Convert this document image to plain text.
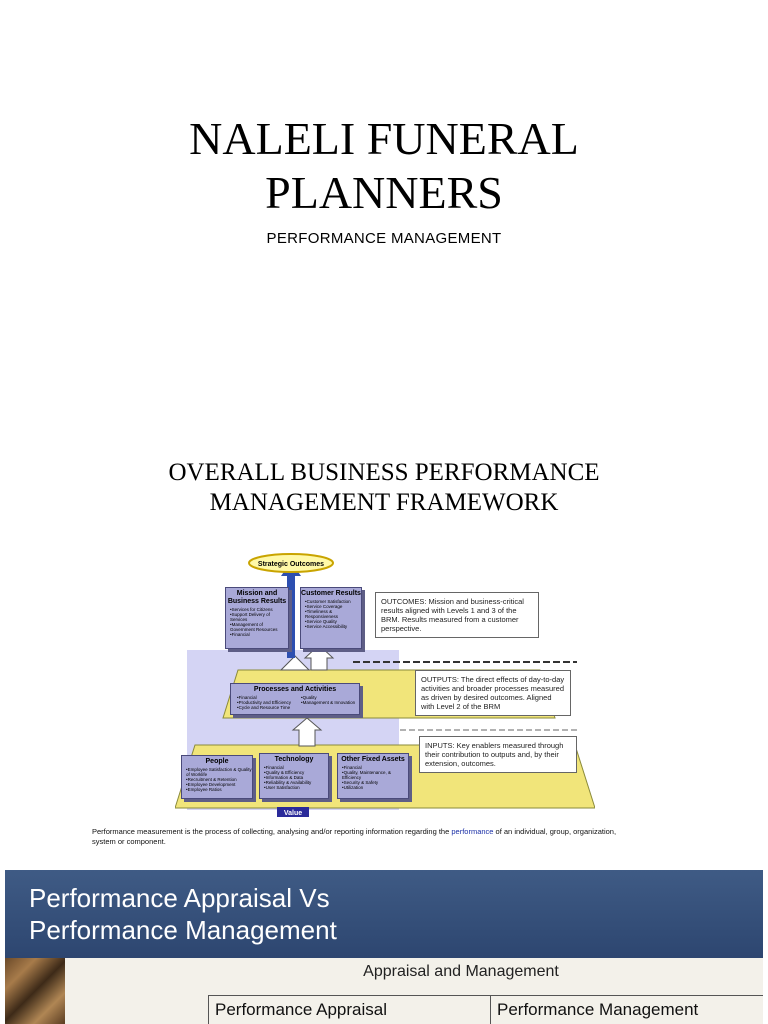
NALELI FUNERAL
PLANNERS
PERFORMANCE MANAGEMENT
OVERALL BUSINESS PERFORMANCE
MANAGEMENT FRAMEWORK
Strategic Outcomes
Value
Mission and Business Results
• Services for Citizens
• Support Delivery of Services
• Management of Government Resources
• Financial
Customer Results
• Customer Satisfaction
• Service Coverage
• Timeliness & Responsiveness
• Service Quality
• Service Accessibility
Processes and Activities
• Financial
• Productivity and Efficiency
• Cycle and Resource Time
• Quality
• Management & Innovation
People
• Employee Satisfaction & Quality of Worklife
• Recruitment & Retention
• Employee Development
• Employee Ratios
Technology
• Financial
• Quality & Efficiency
• Information & Data
• Reliability & Availability
• User Satisfaction
Other Fixed Assets
• Financial
• Quality, Maintenance, & Efficiency
• Security & Safety
• Utilization
OUTCOMES: Mission and business-critical results aligned with Levels 1 and 3 of the BRM. Results measured from a customer perspective.
OUTPUTS: The direct effects of day-to-day activities and broader processes measured as driven by desired outcomes. Aligned with Level 2 of the BRM
INPUTS: Key enablers measured through their contribution to outputs and, by their extension, outcomes.
Performance measurement is the process of collecting, analysing and/or reporting information regarding the performance of an individual, group, organization, system or component.
Performance Appraisal Vs
Performance Management
Appraisal and Management
Performance Appraisal	Performance Management
